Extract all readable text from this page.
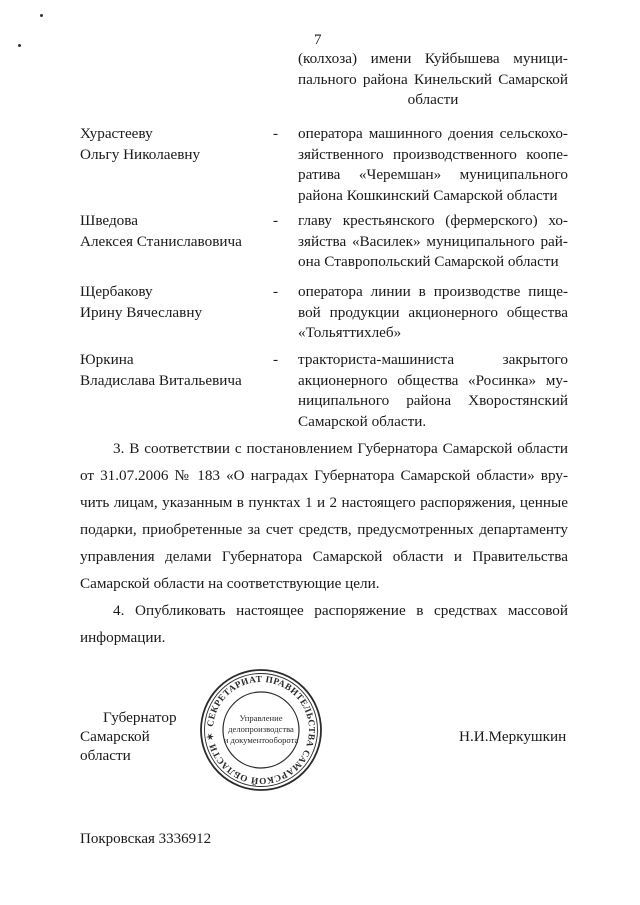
7
(колхоза) имени Куйбышева муници-
пального района Кинельский Самарской
области
Хурастееву
Ольгу Николаевну
- оператора машинного доения сельскохо-
зяйственного производственного коопе-
ратива «Черемшан» муниципального
района Кошкинский Самарской области
Шведова
Алексея Станиславовича
- главу крестьянского (фермерского) хо-
зяйства «Василек» муниципального рай-
она Ставропольский Самарской области
Щербакову
Ирину Вячеславну
- оператора линии в производстве пище-
вой продукции акционерного общества
«Тольяттихлеб»
Юркина
Владислава Витальевича
- тракториста-машиниста закрытого
акционерного общества «Росинка» му-
ниципального района Хворостянский
Самарской области.
3. В соответствии с постановлением Губернатора Самарской области
от 31.07.2006 № 183 «О наградах Губернатора Самарской области» вру-
чить лицам, указанным в пунктах 1 и 2 настоящего распоряжения, ценные
подарки, приобретенные за счет средств, предусмотренных департаменту
управления делами Губернатора Самарской области и Правительства
Самарской области на соответствующие цели.
4. Опубликовать настоящее распоряжение в средствах массовой
информации.
Губернатор
Самарской области
СЕКРЕТАРИАТ ПРАВИТЕЛЬСТВА САМАРСКОЙ ОБЛАСТИ ✶
Управление
делопроизводства
и документооборота	Н.И.Меркушкин
Покровская 3336912
